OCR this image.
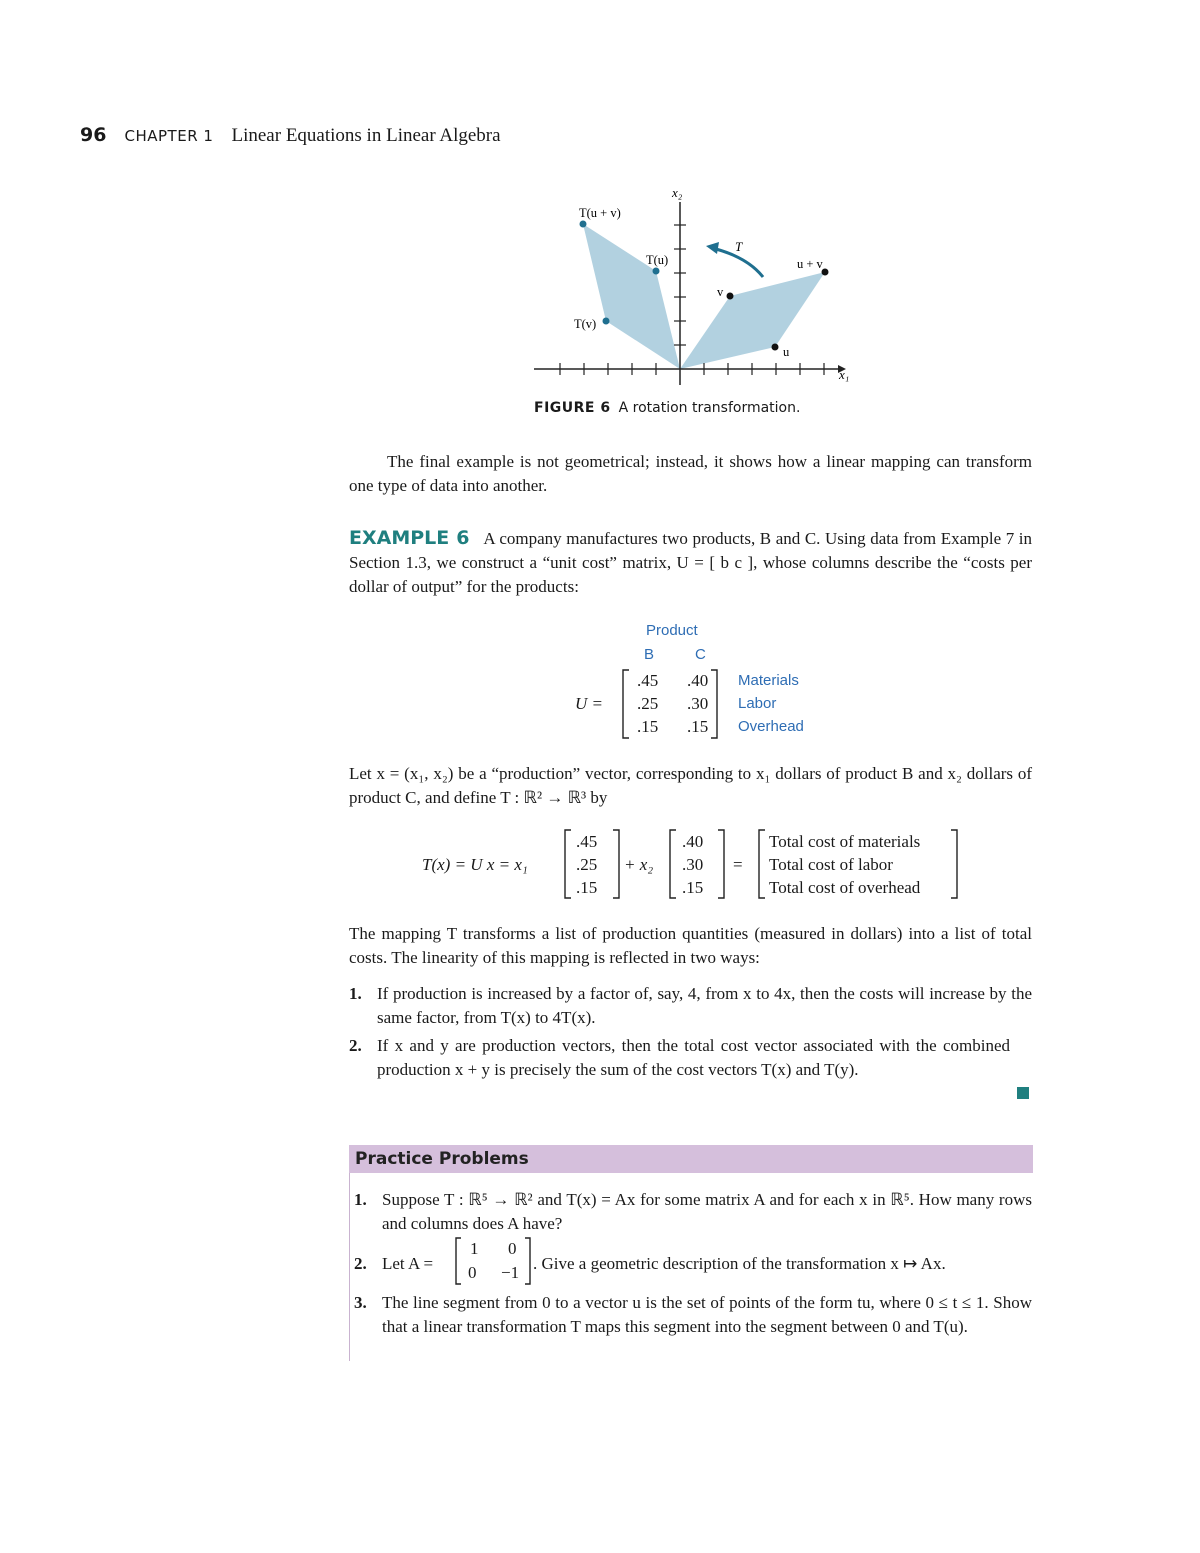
96 CHAPTER 1 Linear Equations in Linear Algebra
x₁
x₂
T
T(u + v)
T(u)
T(v)
u + v
v
u
FIGURE 6 A rotation transformation.
The final example is not geometrical; instead, it shows how a linear mapping can transform one type of data into another.
EXAMPLE 6 A company manufactures two products, B and C. Using data from Example 7 in Section 1.3, we construct a “unit cost” matrix, U = [ b c ], whose columns describe the “costs per dollar of output” for the products:
Product
B	C
U =
.45 .40
.25 .30
.15 .15
Materials
Labor
Overhead
Let x = (x₁, x₂) be a “production” vector, corresponding to x₁ dollars of product B and x₂ dollars of product C, and define T : ℝ² → ℝ³ by
T(x) = U x = x₁
.45
.25
.15
+ x₂
.40
.30
.15
=
Total cost of materials
Total cost of labor
Total cost of overhead
The mapping T transforms a list of production quantities (measured in dollars) into a list of total costs. The linearity of this mapping is reflected in two ways:
1. If production is increased by a factor of, say, 4, from x to 4x, then the costs will increase by the same factor, from T(x) to 4T(x).
2. If x and y are production vectors, then the total cost vector associated with the combined production x + y is precisely the sum of the cost vectors T(x) and T(y).
Practice Problems
1. Suppose T : ℝ⁵ → ℝ² and T(x) = Ax for some matrix A and for each x in ℝ⁵. How many rows and columns does A have?
2. Let A =
1 0
0 −1 . Give a geometric description of the transformation x ↦ Ax.
3. The line segment from 0 to a vector u is the set of points of the form tu, where 0 ≤ t ≤ 1. Show that a linear transformation T maps this segment into the segment between 0 and T(u).
